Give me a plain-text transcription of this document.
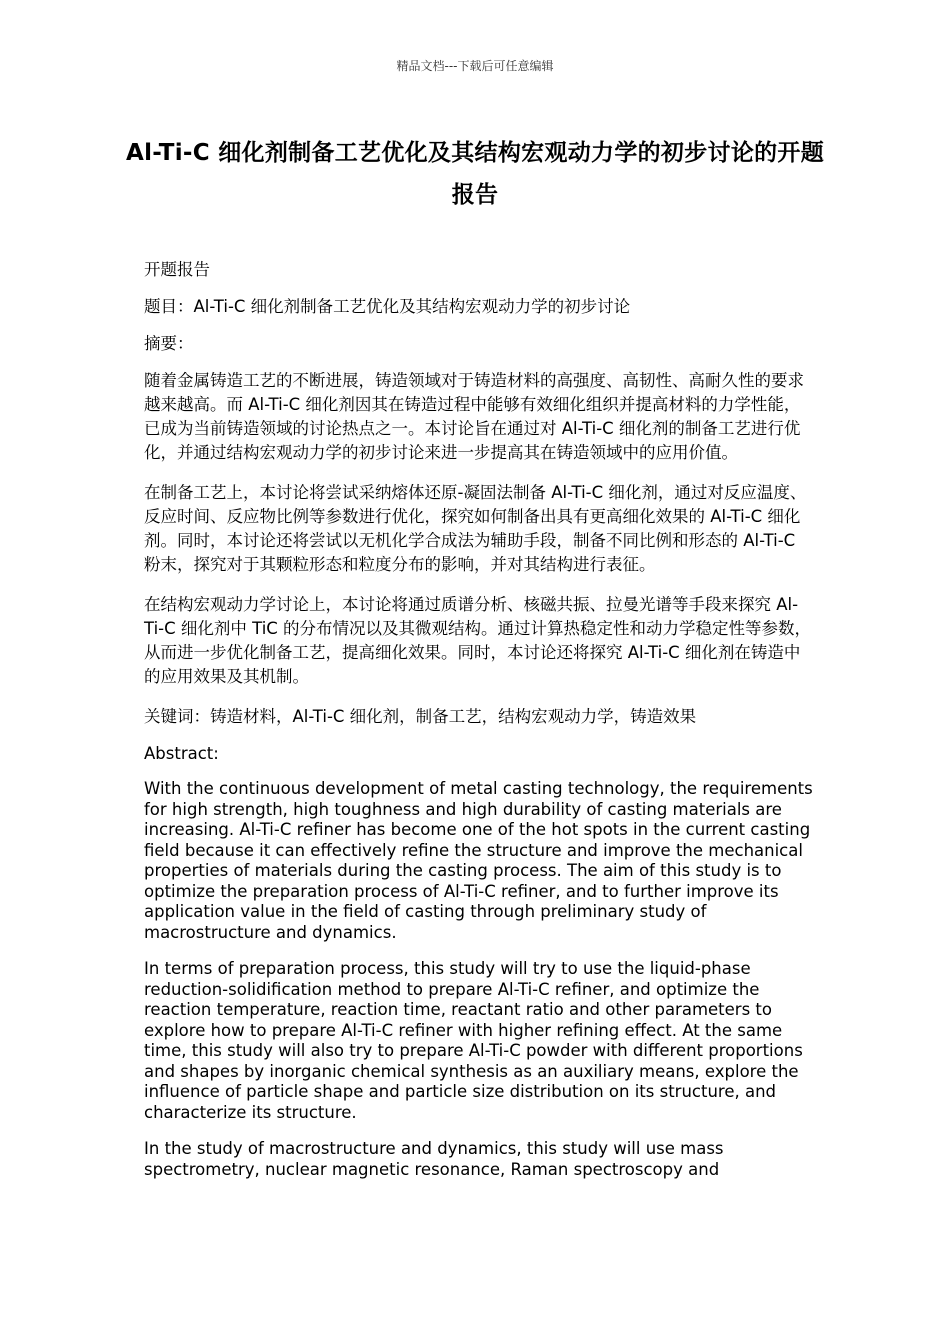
精品文档---下载后可任意编辑
Al-Ti-C 细化剂制备工艺优化及其结构宏观动力学的初步讨论的开题报告

开题报告

题目：Al-Ti-C 细化剂制备工艺优化及其结构宏观动力学的初步讨论

摘要：

随着金属铸造工艺的不断进展，铸造领域对于铸造材料的高强度、高韧性、高耐久性的要求越来越高。而 Al-Ti-C 细化剂因其在铸造过程中能够有效细化组织并提高材料的力学性能，已成为当前铸造领域的讨论热点之一。本讨论旨在通过对 Al-Ti-C 细化剂的制备工艺进行优化，并通过结构宏观动力学的初步讨论来进一步提高其在铸造领域中的应用价值。

在制备工艺上，本讨论将尝试采纳熔体还原-凝固法制备 Al-Ti-C 细化剂，通过对反应温度、反应时间、反应物比例等参数进行优化，探究如何制备出具有更高细化效果的 Al-Ti-C 细化剂。同时，本讨论还将尝试以无机化学合成法为辅助手段，制备不同比例和形态的 Al-Ti-C 粉末，探究对于其颗粒形态和粒度分布的影响，并对其结构进行表征。

在结构宏观动力学讨论上，本讨论将通过质谱分析、核磁共振、拉曼光谱等手段来探究 Al-Ti-C 细化剂中 TiC 的分布情况以及其微观结构。通过计算热稳定性和动力学稳定性等参数，从而进一步优化制备工艺，提高细化效果。同时，本讨论还将探究 Al-Ti-C 细化剂在铸造中的应用效果及其机制。

关键词：铸造材料，Al-Ti-C 细化剂，制备工艺，结构宏观动力学，铸造效果

Abstract:

With the continuous development of metal casting technology, the requirements for high strength, high toughness and high durability of casting materials are increasing. Al-Ti-C refiner has become one of the hot spots in the current casting field because it can effectively refine the structure and improve the mechanical properties of materials during the casting process. The aim of this study is to optimize the preparation process of Al-Ti-C refiner, and to further improve its application value in the field of casting through preliminary study of macrostructure and dynamics.

In terms of preparation process, this study will try to use the liquid-phase reduction-solidification method to prepare Al-Ti-C refiner, and optimize the reaction temperature, reaction time, reactant ratio and other parameters to explore how to prepare Al-Ti-C refiner with higher refining effect. At the same time, this study will also try to prepare Al-Ti-C powder with different proportions and shapes by inorganic chemical synthesis as an auxiliary means, explore the influence of particle shape and particle size distribution on its structure, and characterize its structure.

In the study of macrostructure and dynamics, this study will use mass spectrometry, nuclear magnetic resonance, Raman spectroscopy and
